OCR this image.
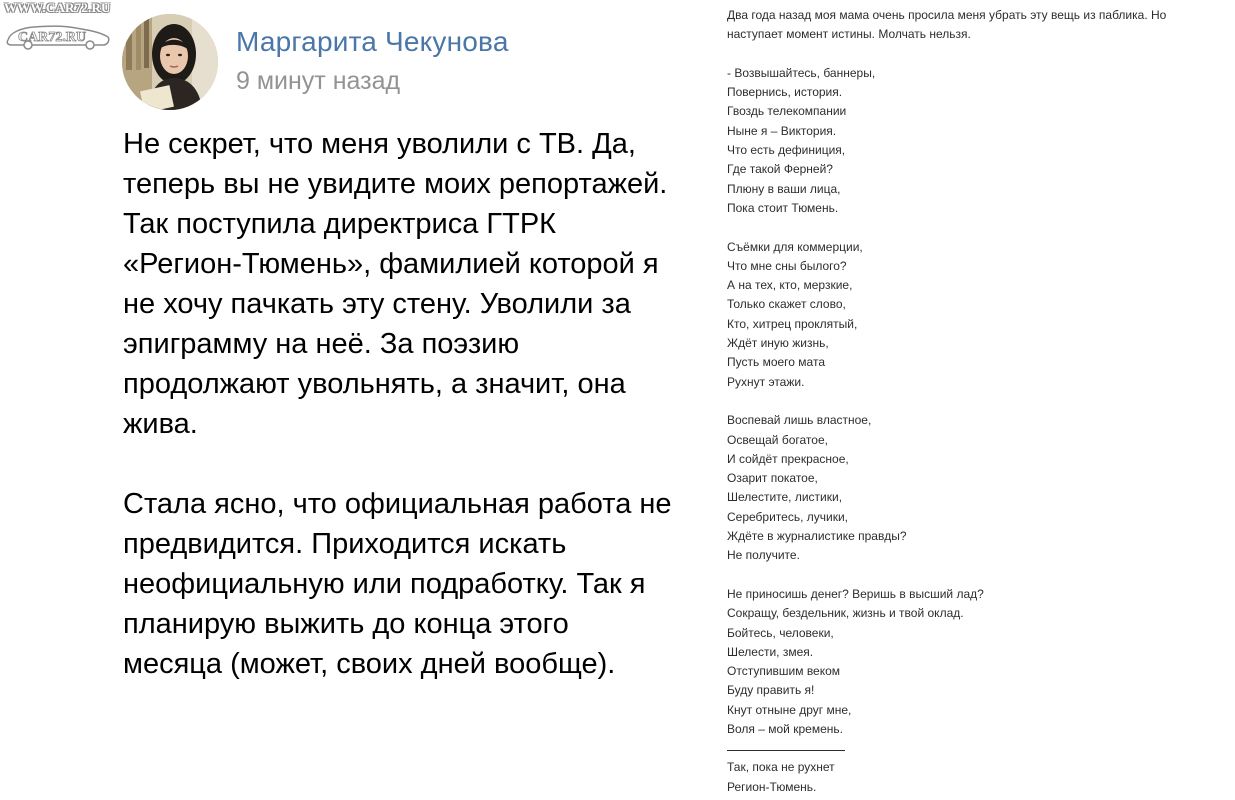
WWW.CAR72.RU
CAR72.RU	Маргарита Чекунова
9 минут назад

Не секрет, что меня уволили с ТВ. Да,
теперь вы не увидите моих репортажей.
Так поступила директриса ГТРК
«Регион-Тюмень», фамилией которой я
не хочу пачкать эту стену. Уволили за
эпиграмму на неё. За поэзию
продолжают увольнять, а значит, она
жива.

Стала ясно, что официальная работа не
предвидится. Приходится искать
неофициальную или подработку. Так я
планирую выжить до конца этого
месяца (может, своих дней вообще).

Два года назад моя мама очень просила меня убрать эту вещь из паблика. Но
наступает момент истины. Молчать нельзя.

- Возвышайтесь, баннеры,
Повернись, история.
Гвоздь телекомпании
Ныне я – Виктория.
Что есть дефиниция,
Где такой Ферней?
Плюну в ваши лица,
Пока стоит Тюмень.
Съёмки для коммерции,
Что мне сны былого?
А на тех, кто, мерзкие,
Только скажет слово,
Кто, хитрец проклятый,
Ждёт иную жизнь,
Пусть моего мата
Рухнут этажи.
Воспевай лишь властное,
Освещай богатое,
И сойдёт прекрасное,
Озарит покатое,
Шелестите, листики,
Серебритесь, лучики,
Ждёте в журналистике правды?
Не получите.
Не приносишь денег? Веришь в высший лад?
Сокращу, бездельник, жизнь и твой оклад.
Бойтесь, человеки,
Шелести, змея.
Отступившим веком
Буду править я!
Кнут отныне друг мне,
Воля – мой кремень.
Так, пока не рухнет
Регион-Тюмень.
